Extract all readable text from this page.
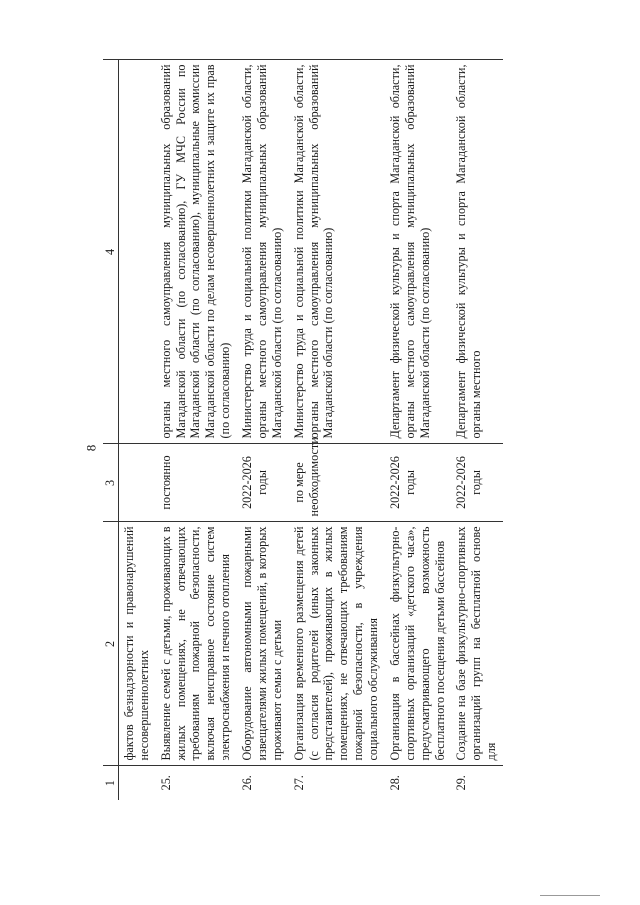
8
1	2	3	4
	фактов безнадзорности и правонарушений несовершеннолетних		
25.	Выявление семей с детьми, проживающих в жилых помещениях, не отвечающих требованиям пожарной безопасности, включая неисправное состояние систем электроснабжения и печного отопления	постоянно	органы местного самоуправления муниципальных образований Магаданской области (по согласованию), ГУ МЧС России по Магаданской области (по согласованию), муниципальные комиссии Магаданской области по делам несовершеннолетних и защите их прав (по согласованию)
26.	Оборудование автономными пожарными извещателями жилых помещений, в которых проживают семьи с детьми	2022-2026 годы	Министерство труда и социальной политики Магаданской области, органы местного самоуправления муниципальных образований Магаданской области (по согласованию)
27.	Организация временного размещения детей (с согласия родителей (иных законных представителей), проживающих в жилых помещениях, не отвечающих требованиям пожарной безопасности, в учреждения социального обслуживания	по мере необходимости	Министерство труда и социальной политики Магаданской области, органы местного самоуправления муниципальных образований Магаданской области (по согласованию)
28.	Организация в бассейнах физкультурно-спортивных организаций «детского часа», предусматривающего возможность бесплатного посещения детьми бассейнов	2022-2026 годы	Департамент физической культуры и спорта Магаданской области, органы местного самоуправления муниципальных образований Магаданской области (по согласованию)
29.	Создание на базе физкультурно-спортивных организаций групп на бесплатной основе для	2022-2026 годы	Департамент физической культуры и спорта Магаданской области, органы местного
